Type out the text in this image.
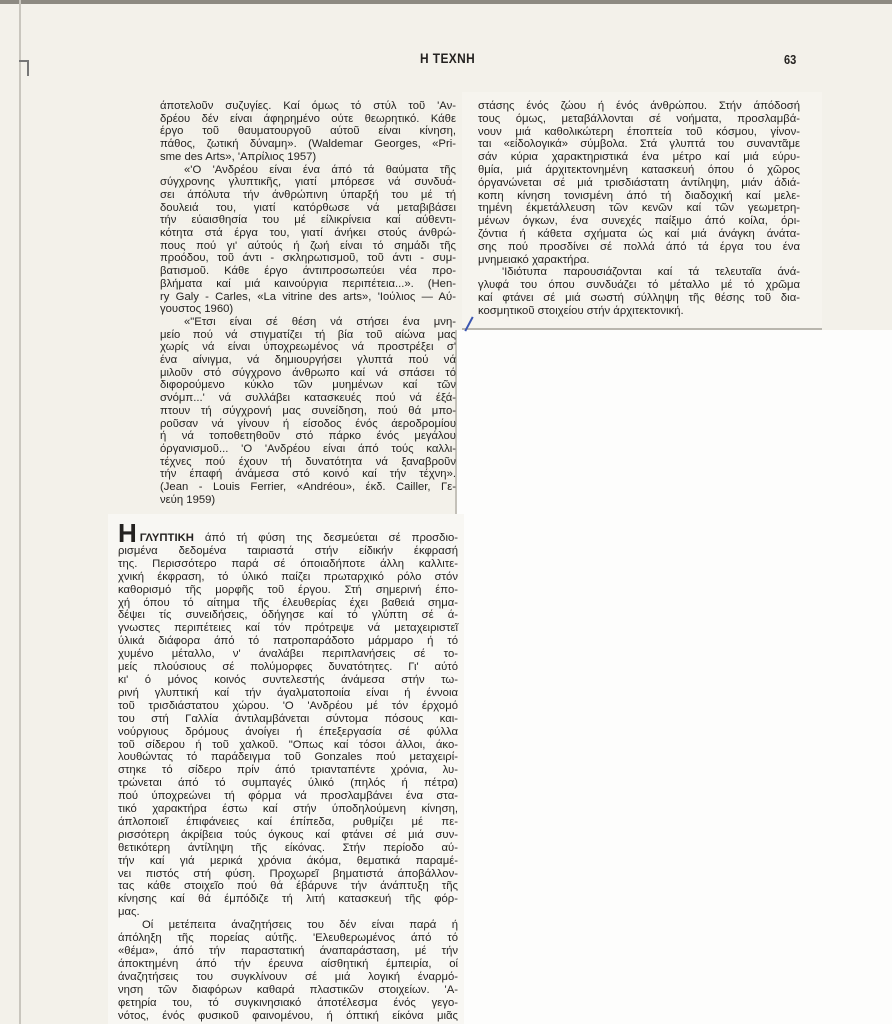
Η ΤΕΧΝΗ	63
άποτελοῦν συζυγίες. Καί όμως τό στύλ τοῦ 'Αν-
δρέου δέν είναι άφηρημένο ούτε θεωρητικό. Κάθε
έργο τοῦ θαυματουργοῦ αύτοῦ είναι κίνηση,
πάθος, ζωτική δύναμη». (Waldemar Georges, «Pri-
sme des Arts», 'Απρίλιος 1957)
«'Ο 'Ανδρέου είναι ένα άπό τά θαύματα τῆς
σύγχρονης γλυπτικῆς, γιατί μπόρεσε νά συνδυά-
σει άπόλυτα τήν άνθρώπινη ύπαρξή του μέ τή
δουλειά του, γιατί κατόρθωσε νά μεταβιβάσει
τήν εύαισθησία του μέ είλικρίνεια καί αύθεντι-
κότητα στά έργα του, γιατί άνήκει στούς άνθρώ-
πους πού γι' αύτούς ή ζωή είναι τό σημάδι τῆς
προόδου, τοῦ άντι - σκληρωτισμοῦ, τοῦ άντι - συμ-
βατισμοῦ. Κάθε έργο άντιπροσωπεύει νέα προ-
βλήματα καί μιά καινούργια περιπέτεια...». (Hen-
ry Galy - Carles, «La vitrine des arts», 'Ιούλιος — Αύ-
γουστος 1960)
«"Ετσι είναι σέ θέση νά στήσει ένα μνη-
μείο πού νά στιγματίζει τή βία τοῦ αίώνα μας
χωρίς νά είναι ύποχρεωμένος νά προστρέξει σ'
ένα αίνιγμα, νά δημιουργήσει γλυπτά πού νά
μιλοῦν στό σύγχρονο άνθρωπο καί νά σπάσει τό
διφορούμενο κύκλο τῶν μυημένων καί τῶν
σνόμπ...' νά συλλάβει κατασκευές πού νά έξά-
πτουν τή σύγχρονή μας συνείδηση, πού θά μπο-
ροῦσαν νά γίνουν ή είσοδος ένός άεροδρομίου
ή νά τοποθετηθοῦν στό πάρκο ένός μεγάλου
όργανισμοῦ... 'Ο 'Ανδρέου είναι άπό τούς καλλι-
τέχνες πού έχουν τή δυνατότητα νά ξαναβροῦν
τήν έπαφή άνάμεσα στό κοινό καί τήν τέχνη».
(Jean - Louis Ferrier, «Andréou», έκδ. Cailler, Γε-
νεύη 1959)
στάσης ένός ζώου ή ένός άνθρώπου. Στήν άπόδοσή
τους όμως, μεταβάλλονται σέ νοήματα, προσλαμβά-
νουν μιά καθολικώτερη έποπτεία τοῦ κόσμου, γίνον-
ται «είδολογικά» σύμβολα. Στά γλυπτά του συναντᾶμε
σάν κύρια χαρακτηριστικά ένα μέτρο καί μιά εύρυ-
θμία, μιά άρχιτεκτονημένη κατασκευή όπου ό χῶρος
όργανώνεται σέ μιά τρισδιάστατη άντίληψη, μιάν άδιά-
κοπη κίνηση τονισμένη άπό τή διαδοχική καί μελε-
τημένη έκμετάλλευση τῶν κενῶν καί τῶν γεωμετρη-
μένων όγκων, ένα συνεχές παίξιμο άπό κοίλα, όρι-
ζόντια ή κάθετα σχήματα ώς καί μιά άνάγκη άνάτα-
σης πού προσδίνει σέ πολλά άπό τά έργα του ένα
μνημειακό χαρακτήρα.
'Ιδιότυπα παρουσιάζονται καί τά τελευταῖα άνά-
γλυφά του όπου συνδυάζει τό μέταλλο μέ τό χρῶμα
καί φτάνει σέ μιά σωστή σύλληψη τῆς θέσης τοῦ δια-
κοσμητικοῦ στοιχείου στήν άρχιτεκτονική.
ΗΓΛΥΠΤΙΚΗ άπό τή φύση της δεσμεύεται σέ προσδιο-
ρισμένα δεδομένα ταιριαστά στήν είδικήν έκφρασή
της. Περισσότερο παρά σέ όποιαδήποτε άλλη καλλιτε-
χνική έκφραση, τό ύλικό παίζει πρωταρχικό ρόλο στόν
καθορισμό τῆς μορφῆς τοῦ έργου. Στή σημερινή έπο-
χή όπου τό αίτημα τῆς έλευθερίας έχει βαθειά σημα-
δέψει τίς συνειδήσεις, όδήγησε καί τό γλύπτη σέ ά-
γνωστες περιπέτειες καί τόν πρότρεψε νά μεταχειριστεῖ
ύλικά διάφορα άπό τό πατροπαράδοτο μάρμαρο ή τό
χυμένο μέταλλο, ν' άναλάβει περιπλανήσεις σέ το-
μείς πλούσιους σέ πολύμορφες δυνατότητες. Γι' αύτό
κι' ό μόνος κοινός συντελεστής άνάμεσα στήν τω-
ρινή γλυπτική καί τήν άγαλματοποιία είναι ή έννοια
τοῦ τρισδιάστατου χώρου. 'Ο 'Ανδρέου μέ τόν έρχομό
του στή Γαλλία άντιλαμβάνεται σύντομα πόσους και-
νούργιους δρόμους άνοίγει ή έπεξεργασία σέ φύλλα
τοῦ σίδερου ή τοῦ χαλκοῦ. "Οπως καί τόσοι άλλοι, άκο-
λουθώντας τό παράδειγμα τοῦ Gonzales πού μεταχειρί-
στηκε τό σίδερο πρίν άπό τριανταπέντε χρόνια, λυ-
τρώνεται άπό τό συμπαγές ύλικό (πηλός ή πέτρα)
πού ύποχρεώνει τή φόρμα νά προσλαμβάνει ένα στα-
τικό χαρακτήρα έστω καί στήν ύποδηλούμενη κίνηση,
άπλοποιεῖ έπιφάνειες καί έπίπεδα, ρυθμίζει μέ πε-
ρισσότερη άκρίβεια τούς όγκους καί φτάνει σέ μιά συν-
θετικότερη άντίληψη τῆς είκόνας. Στήν περίοδο αύ-
τήν καί γιά μερικά χρόνια άκόμα, θεματικά παραμέ-
νει πιστός στή φύση. Προχωρεῖ βηματιστά άποβάλλον-
τας κάθε στοιχεῖο πού θά έβάρυνε τήν άνάπτυξη τῆς
κίνησης καί θά έμπόδιζε τή λιτή κατασκευή τῆς φόρ-
μας.
Οί μετέπειτα άναζητήσεις του δέν είναι παρά ή
άπόληξη τῆς πορείας αύτῆς. 'Ελευθερωμένος άπό τό
«θέμα», άπό τήν παραστατική άναπαράσταση, μέ τήν
άποκτημένη άπό τήν έρευνα αίσθητική έμπειρία, οί
άναζητήσεις του συγκλίνουν σέ μιά λογική έναρμό-
νηση τῶν διαφόρων καθαρά πλαστικῶν στοιχείων. 'Α-
φετηρία του, τό συγκινησιακό άποτέλεσμα ένός γεγο-
νότος, ένός φυσικοῦ φαινομένου, ή όπτική είκόνα μιᾶς
